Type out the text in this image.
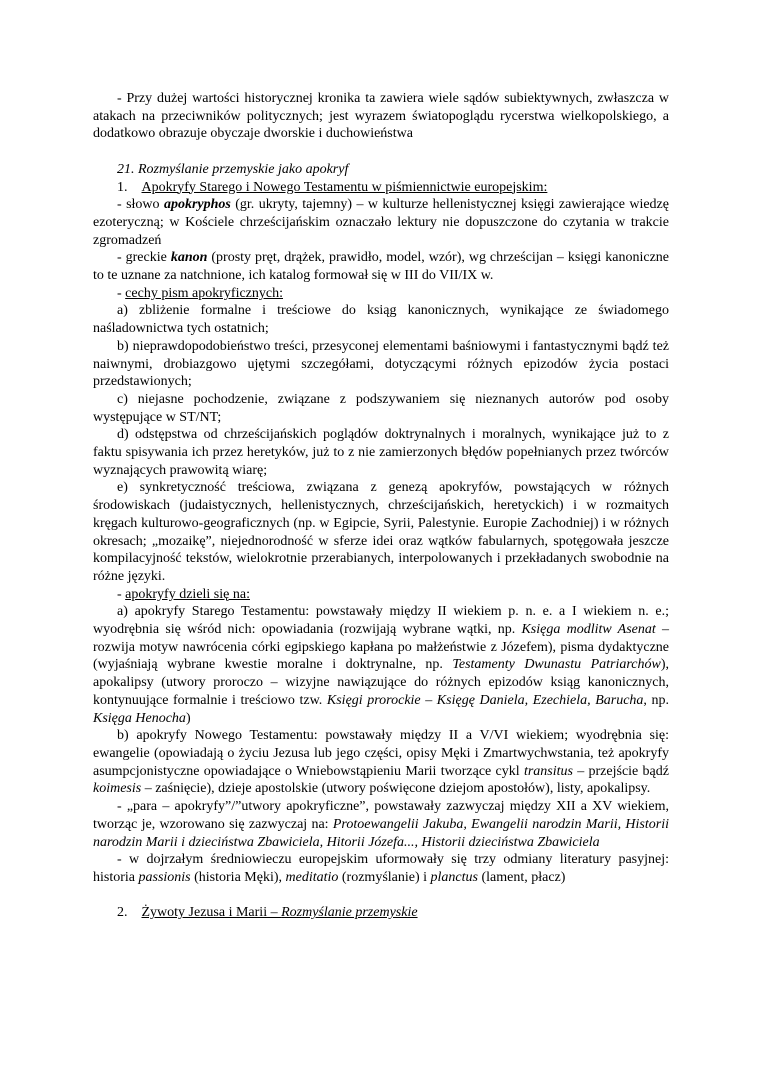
- Przy dużej wartości historycznej kronika ta zawiera wiele sądów subiektywnych, zwłaszcza w atakach na przeciwników politycznych; jest wyrazem światopoglądu rycerstwa wielkopolskiego, a dodatkowo obrazuje obyczaje dworskie i duchowieństwa

21. Rozmyślanie przemyskie jako apokryf

1. Apokryfy Starego i Nowego Testamentu w piśmiennictwie europejskim:

- słowo apokryphos (gr. ukryty, tajemny) – w kulturze hellenistycznej księgi zawierające wiedzę ezoteryczną; w Kościele chrześcijańskim oznaczało lektury nie dopuszczone do czytania w trakcie zgromadzeń

- greckie kanon (prosty pręt, drążek, prawidło, model, wzór), wg chrześcijan – księgi kanoniczne to te uznane za natchnione, ich katalog formował się w III do VII/IX w.

- cechy pism apokryficznych:

a) zbliżenie formalne i treściowe do ksiąg kanonicznych, wynikające ze świadomego naśladownictwa tych ostatnich;

b) nieprawdopodobieństwo treści, przesyconej elementami baśniowymi i fantastycznymi bądź też naiwnymi, drobiazgowo ujętymi szczegółami, dotyczącymi różnych epizodów życia postaci przedstawionych;

c) niejasne pochodzenie, związane z podszywaniem się nieznanych autorów pod osoby występujące w ST/NT;

d) odstępstwa od chrześcijańskich poglądów doktrynalnych i moralnych, wynikające już to z faktu spisywania ich przez heretyków, już to z nie zamierzonych błędów popełnianych przez twórców wyznających prawowitą wiarę;

e) synkretyczność treściowa, związana z genezą apokryfów, powstających w różnych środowiskach (judaistycznych, hellenistycznych, chrześcijańskich, heretyckich) i w rozmaitych kręgach kulturowo-geograficznych (np. w Egipcie, Syrii, Palestynie. Europie Zachodniej) i w różnych okresach; „mozaikę”, niejednorodność w sferze idei oraz wątków fabularnych, spotęgowała jeszcze kompilacyjność tekstów, wielokrotnie przerabianych, interpolowanych i przekładanych swobodnie na różne języki.

- apokryfy dzieli się na:

a) apokryfy Starego Testamentu: powstawały między II wiekiem p. n. e. a I wiekiem n. e.; wyodrębnia się wśród nich: opowiadania (rozwijają wybrane wątki, np. Księga modlitw Asenat – rozwija motyw nawrócenia córki egipskiego kapłana po małżeństwie z Józefem), pisma dydaktyczne (wyjaśniają wybrane kwestie moralne i doktrynalne, np. Testamenty Dwunastu Patriarchów), apokalipsy (utwory proroczo – wizyjne nawiązujące do różnych epizodów ksiąg kanonicznych, kontynuujące formalnie i treściowo tzw. Księgi prorockie – Księgę Daniela, Ezechiela, Barucha, np. Księga Henocha)

b) apokryfy Nowego Testamentu: powstawały między II a V/VI wiekiem; wyodrębnia się: ewangelie (opowiadają o życiu Jezusa lub jego części, opisy Męki i Zmartwychwstania, też apokryfy asumpcjonistyczne opowiadające o Wniebowstąpieniu Marii tworzące cykl transitus – przejście bądź koimesis – zaśnięcie), dzieje apostolskie (utwory poświęcone dziejom apostołów), listy, apokalipsy.

- „para – apokryfy”/”utwory apokryficzne”, powstawały zazwyczaj między XII a XV wiekiem, tworząc je, wzorowano się zazwyczaj na: Protoewangelii Jakuba, Ewangelii narodzin Marii, Historii narodzin Marii i dzieciństwa Zbawiciela, Hitorii Józefa..., Historii dzieciństwa Zbawiciela

- w dojrzałym średniowieczu europejskim uformowały się trzy odmiany literatury pasyjnej: historia passionis (historia Męki), meditatio (rozmyślanie) i planctus (lament, płacz)

2. Żywoty Jezusa i Marii – Rozmyślanie przemyskie
